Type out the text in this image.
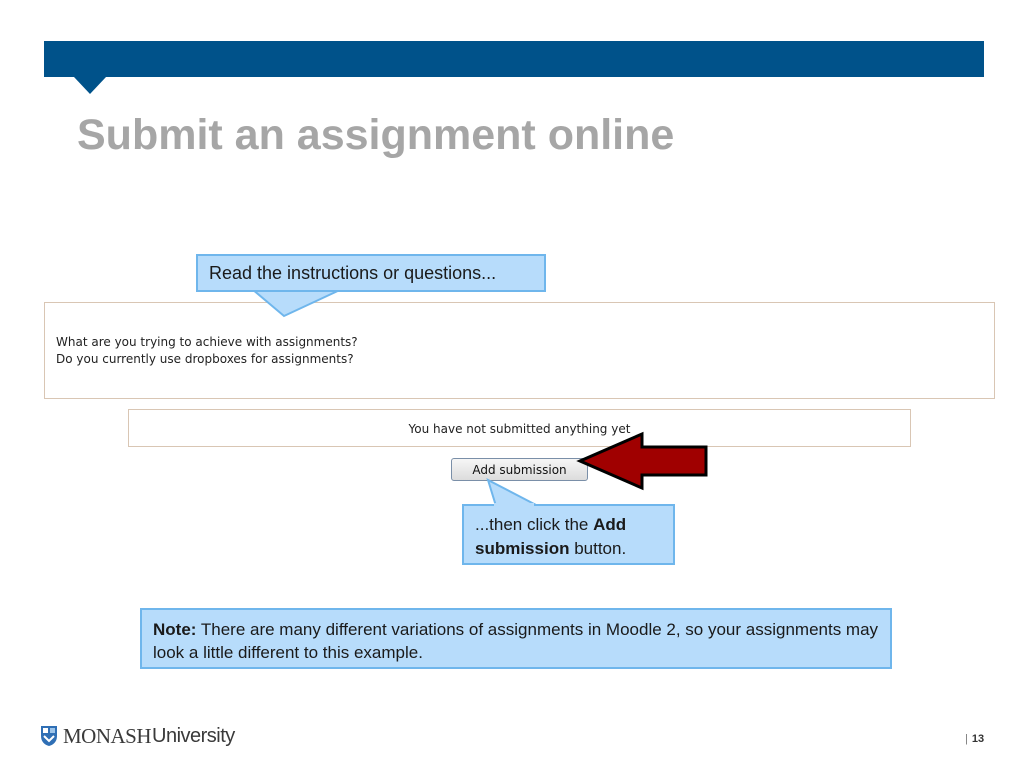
Submit an assignment online
What are you trying to achieve with assignments?
Do you currently use dropboxes for assignments?
Read the instructions or questions...
You have not submitted anything yet
Add submission
...then click the Add submission button.
Note: There are many different variations of assignments in Moodle 2, so your assignments may look a little different to this example.
MONASH University	| 13
